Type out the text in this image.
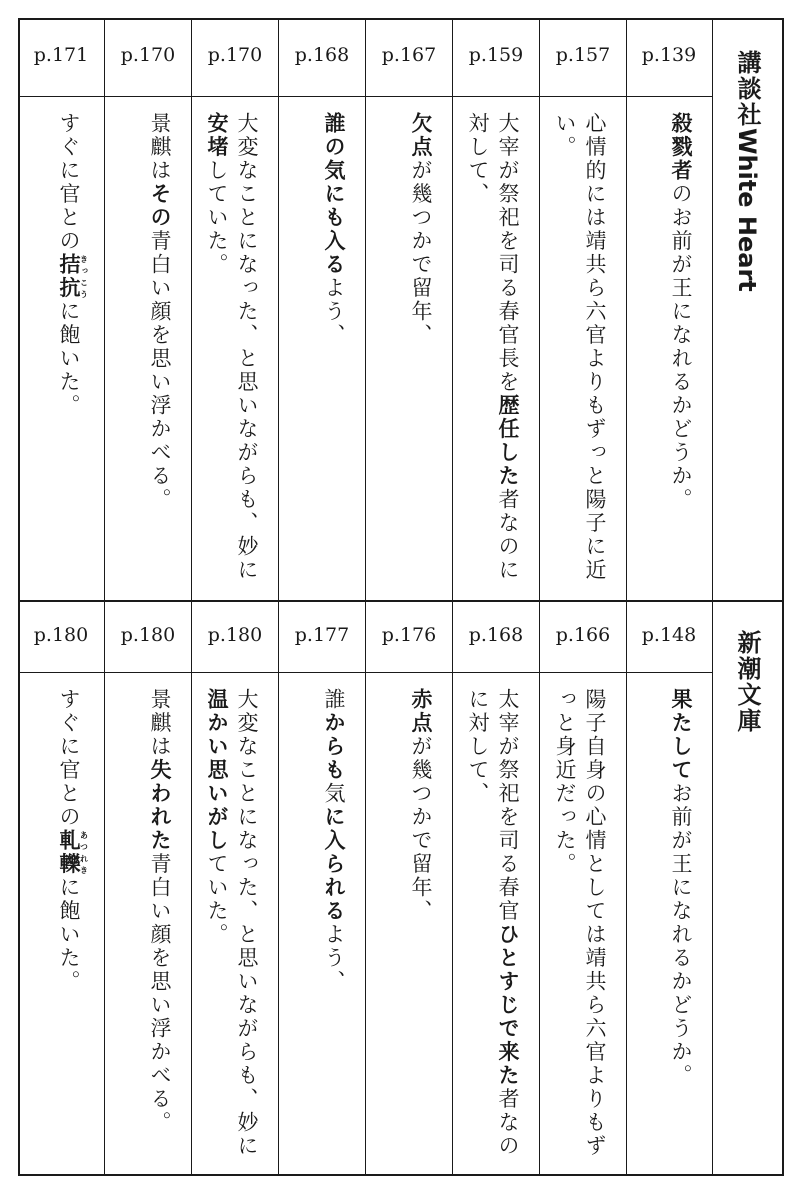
講談社White Heart
新潮文庫
p.139
殺戮者のお前が王になれるかどうか。
p.157
心情的には靖共ら六官よりもずっと陽子に近い。
p.159
大宰が祭祀を司る春官長を歴任した者なのに対して、
p.167
欠点が幾つかで留年、
p.168
誰の気にも入るよう、
p.170
大変なことになった、と思いながらも、妙に安堵していた。
p.170
景麒はその青白い顔を思い浮かべる。
p.171
すぐに官との拮抗きっこうに飽いた。
p.148
果たしてお前が王になれるかどうか。
p.166
陽子自身の心情としては靖共ら六官よりもずっと身近だった。
p.168
太宰が祭祀を司る春官ひとすじで来た者なのに対して、
p.176
赤点が幾つかで留年、
p.177
誰からも気に入られるよう、
p.180
大変なことになった、と思いながらも、妙に温かい思いがしていた。
p.180
景麒は失われた青白い顔を思い浮かべる。
p.180
すぐに官との軋轢あつれきに飽いた。
